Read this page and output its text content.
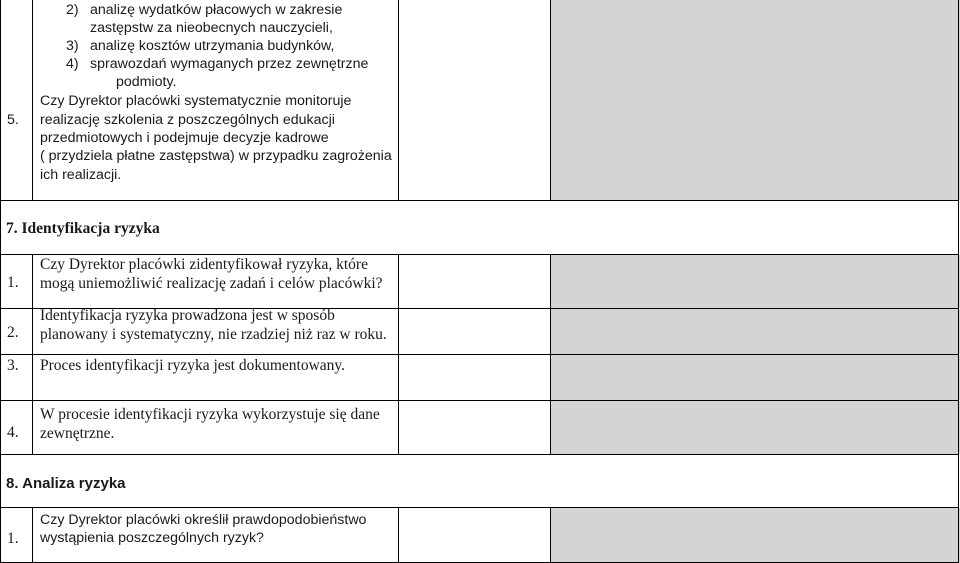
2) analizę wydatków płacowych w zakresie
zastępstw za nieobecnych nauczycieli,
3) analizę kosztów utrzymania budynków,
4) sprawozdań wymaganych przez zewnętrzne
podmioty.
5.
Czy Dyrektor placówki systematycznie monitoruje
realizację szkolenia z poszczególnych edukacji
przedmiotowych i podejmuje decyzje kadrowe
( przydziela płatne zastępstwa) w przypadku zagrożenia
ich realizacji.
7. Identyfikacja ryzyka
1.
Czy Dyrektor placówki zidentyfikował ryzyka, które
mogą uniemożliwić realizację zadań i celów placówki?
2.
Identyfikacja ryzyka prowadzona jest w sposób
planowany i systematyczny, nie rzadziej niż raz w roku.
3. Proces identyfikacji ryzyka jest dokumentowany.
4.
W procesie identyfikacji ryzyka wykorzystuje się dane
zewnętrzne.
8. Analiza ryzyka
1.
Czy Dyrektor placówki określił prawdopodobieństwo
wystąpienia poszczególnych ryzyk?
